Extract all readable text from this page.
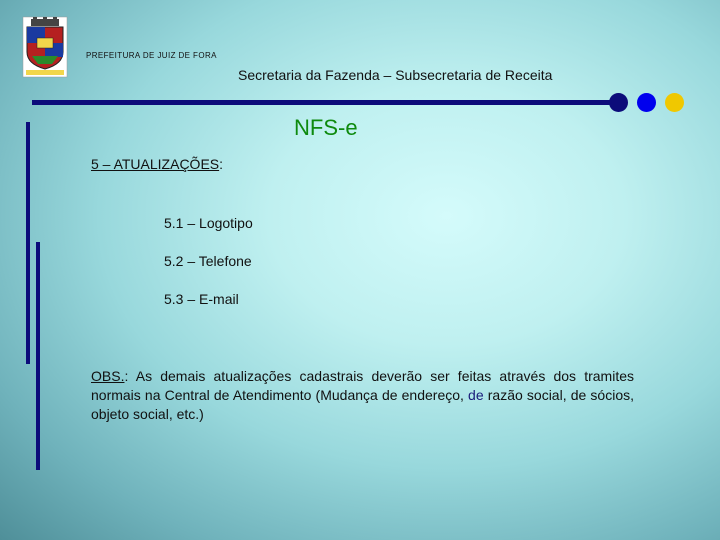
PREFEITURA DE JUIZ DE FORA
Secretaria da Fazenda – Subsecretaria de Receita
NFS-e
5 – ATUALIZAÇÕES:
5.1 – Logotipo
5.2 – Telefone
5.3 – E-mail
OBS.: As demais atualizações cadastrais deverão ser feitas através dos tramites normais na Central de Atendimento (Mudança de endereço, de razão social, de sócios, objeto social, etc.)
